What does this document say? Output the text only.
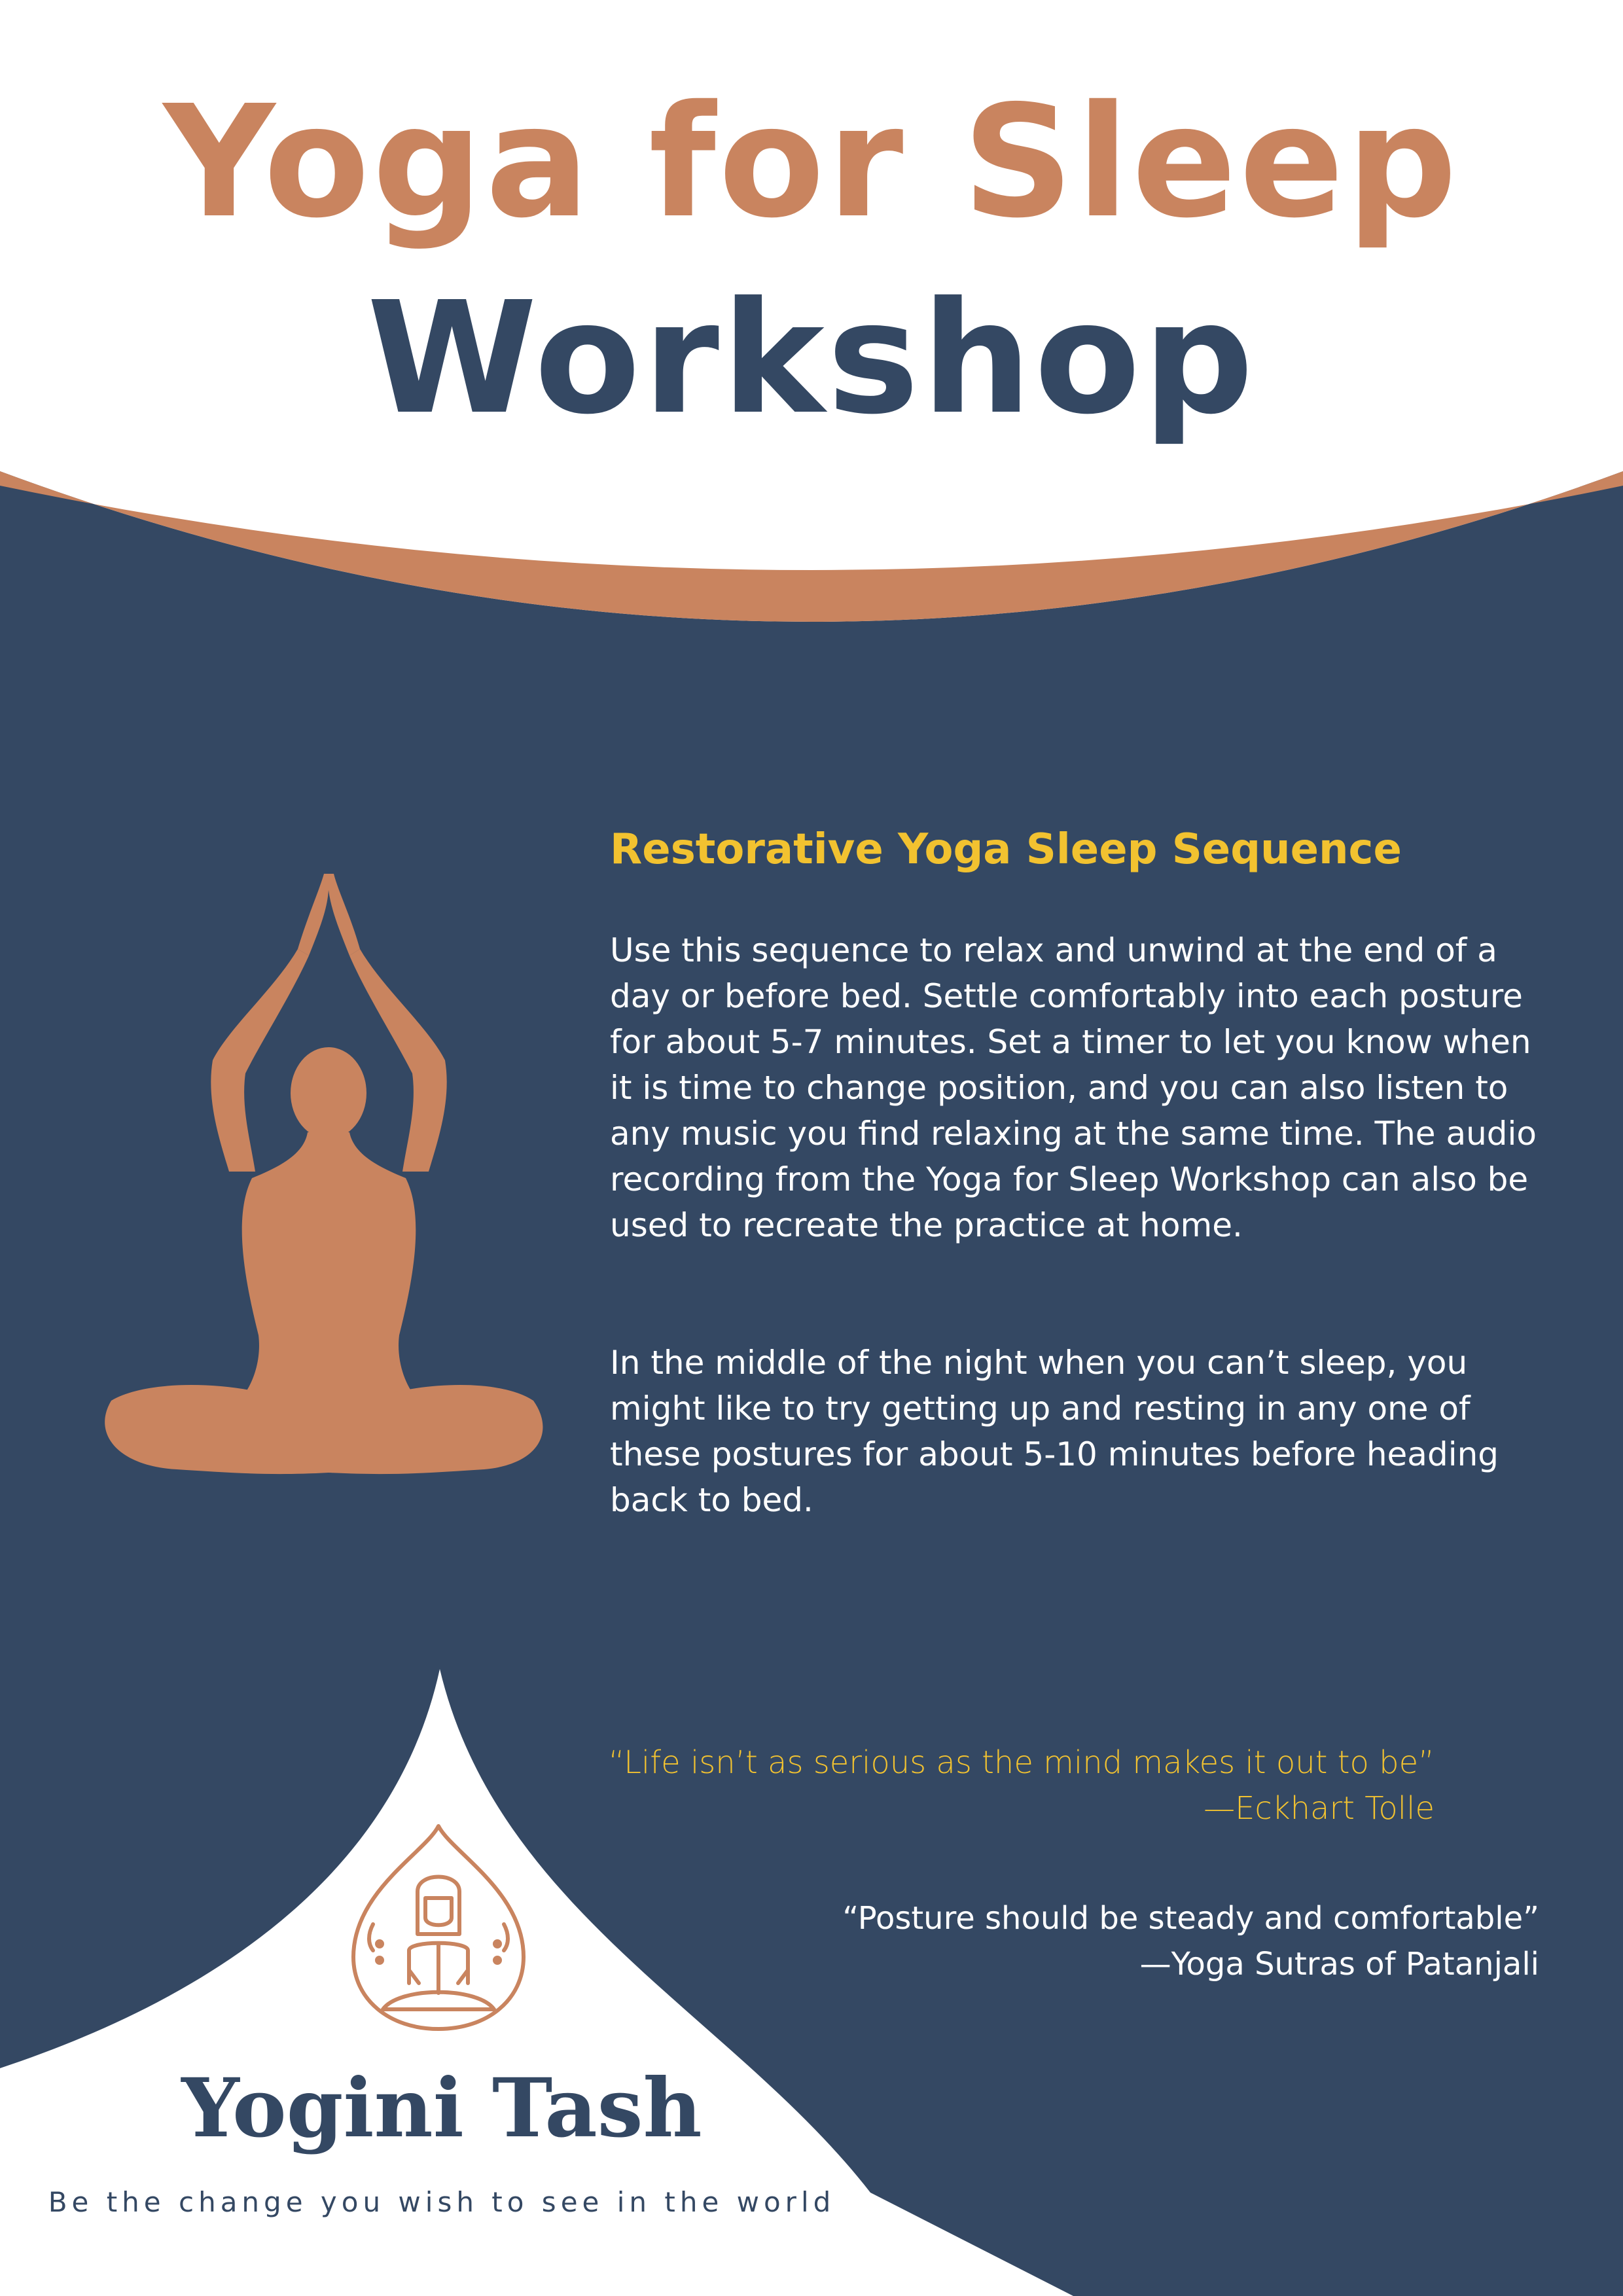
Yoga for Sleep
Workshop
Restorative Yoga Sleep Sequence

Use this sequence to relax and unwind at the end of a day or before bed. Settle comfortably into each posture for about 5-7 minutes. Set a timer to let you know when it is time to change position, and you can also listen to any music you find relaxing at the same time. The audio recording from the Yoga for Sleep Workshop can also be used to recreate the practice at home.

In the middle of the night when you can’t sleep, you might like to try getting up and resting in any one of these postures for about 5-10 minutes before heading back to bed.

“Life isn’t as serious as the mind makes it out to be”
—Eckhart Tolle
“Posture should be steady and comfortable”
—Yoga Sutras of Patanjali
Yogini Tash
Be the change you wish to see in the world
